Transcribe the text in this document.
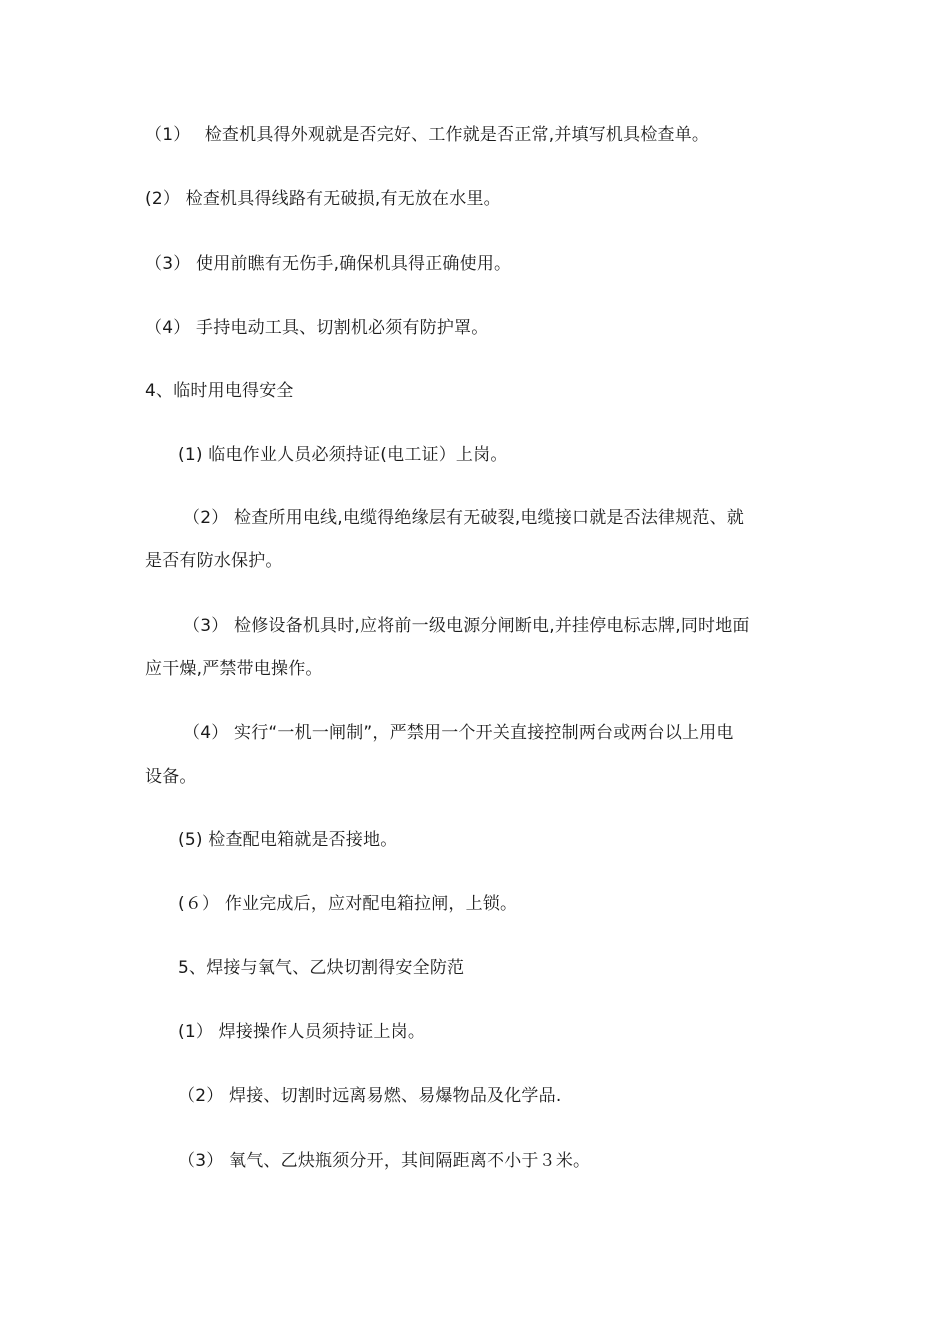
（1）　 检查机具得外观就是否完好、工作就是否正常,并填写机具检查单。
(2） 检查机具得线路有无破损,有无放在水里。
（3） 使用前瞧有无伤手,确保机具得正确使用。
（4） 手持电动工具、切割机必须有防护罩。
4、临时用电得安全
(1) 临电作业人员必须持证(电工证）上岗。
（2） 检查所用电线,电缆得绝缘层有无破裂,电缆接口就是否法律规范、就
是否有防水保护。
（3） 检修设备机具时,应将前一级电源分闸断电,并挂停电标志牌,同时地面
应干燥,严禁带电操作。
（4） 实行“一机一闸制”，严禁用一个开关直接控制两台或两台以上用电
设备。
(5) 检查配电箱就是否接地。
(６） 作业完成后，应对配电箱拉闸，上锁。
5、焊接与氧气、乙炔切割得安全防范
(1） 焊接操作人员须持证上岗。
（2） 焊接、切割时远离易燃、易爆物品及化学品.
（3） 氧气、乙炔瓶须分开，其间隔距离不小于３米。
